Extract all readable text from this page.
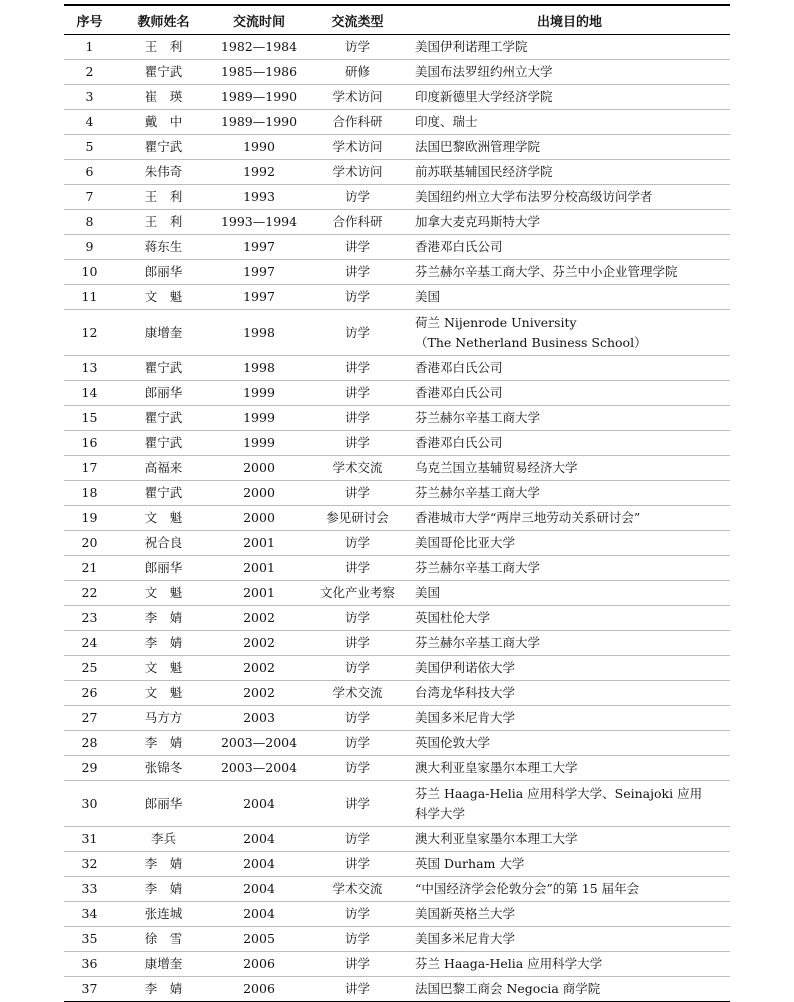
序号	教师姓名	交流时间	交流类型	出境目的地
1	王　利	1982—1984	访学	美国伊利诺理工学院

2	瞿宁武	1985—1986	研修	美国布法罗纽约州立大学

3	崔　瑛	1989—1990	学术访问	印度新德里大学经济学院

4	戴　中	1989—1990	合作科研	印度、瑞士

5	瞿宁武	1990	学术访问	法国巴黎欧洲管理学院

6	朱伟奇	1992	学术访问	前苏联基辅国民经济学院

7	王　利	1993	访学	美国纽约州立大学布法罗分校高级访问学者

8	王　利	1993—1994	合作科研	加拿大麦克玛斯特大学

9	蒋东生	1997	讲学	香港邓白氏公司

10	郎丽华	1997	讲学	芬兰赫尔辛基工商大学、芬兰中小企业管理学院

11	文　魁	1997	访学	美国

12	康增奎	1998	访学	荷兰 Nijenrode University
（The Netherland Business School）

13	瞿宁武	1998	讲学	香港邓白氏公司

14	郎丽华	1999	讲学	香港邓白氏公司

15	瞿宁武	1999	讲学	芬兰赫尔辛基工商大学

16	瞿宁武	1999	讲学	香港邓白氏公司

17	高福来	2000	学术交流	乌克兰国立基辅贸易经济大学

18	瞿宁武	2000	讲学	芬兰赫尔辛基工商大学

19	文　魁	2000	参见研讨会	香港城市大学“两岸三地劳动关系研讨会”

20	祝合良	2001	访学	美国哥伦比亚大学

21	郎丽华	2001	讲学	芬兰赫尔辛基工商大学

22	文　魁	2001	文化产业考察	美国

23	李　婧	2002	访学	英国杜伦大学

24	李　婧	2002	讲学	芬兰赫尔辛基工商大学

25	文　魁	2002	访学	美国伊利诺依大学

26	文　魁	2002	学术交流	台湾龙华科技大学

27	马方方	2003	访学	美国多米尼肯大学

28	李　婧	2003—2004	访学	英国伦敦大学

29	张锦冬	2003—2004	访学	澳大利亚皇家墨尔本理工大学

30	郎丽华	2004	讲学	芬兰 Haaga-Helia 应用科学大学、Seinajoki 应用
科学大学

31	李兵	2004	访学	澳大利亚皇家墨尔本理工大学

32	李　婧	2004	讲学	英国 Durham 大学

33	李　婧	2004	学术交流	“中国经济学会伦敦分会”的第 15 届年会

34	张连城	2004	访学	美国新英格兰大学

35	徐　雪	2005	访学	美国多米尼肯大学

36	康增奎	2006	讲学	芬兰 Haaga-Helia 应用科学大学

37	李　婧	2006	讲学	法国巴黎工商会 Negocia 商学院
